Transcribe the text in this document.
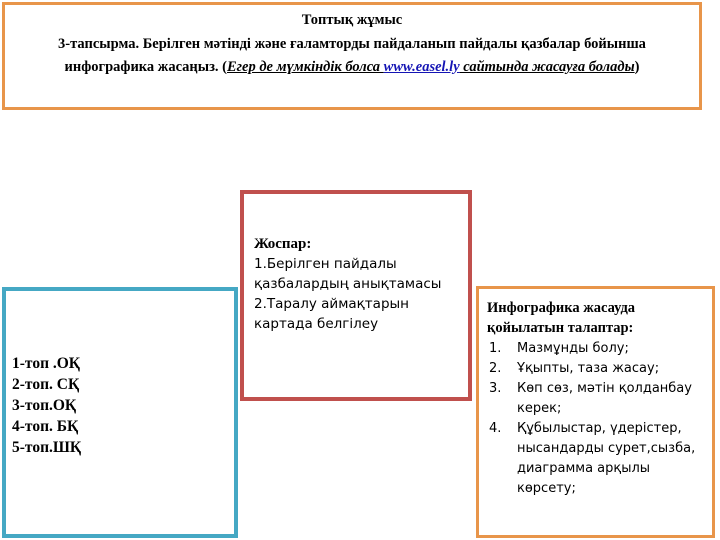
Топтық жұмыс
3-тапсырма. Берілген мәтінді және ғаламторды пайдаланып пайдалы қазбалар бойынша инфографика жасаңыз. (Егер де мүмкіндік болса www.easel.ly сайтында жасауға болады)
Жоспар:
1.Берілген пайдалы
қазбалардың анықтамасы
2.Таралу аймақтарын
картада белгілеу
1-топ .ОҚ
2-топ. СҚ
3-топ.ОҚ
4-топ. БҚ
5-топ.ШҚ
Инфографика жасауда
қойылатын талаптар:
1. Мазмұнды болу;
2. Ұқыпты, таза жасау;
3. Көп сөз, мәтін қолданбау керек;
4. Құбылыстар, үдерістер, нысандарды сурет,сызба, диаграмма арқылы көрсету;
